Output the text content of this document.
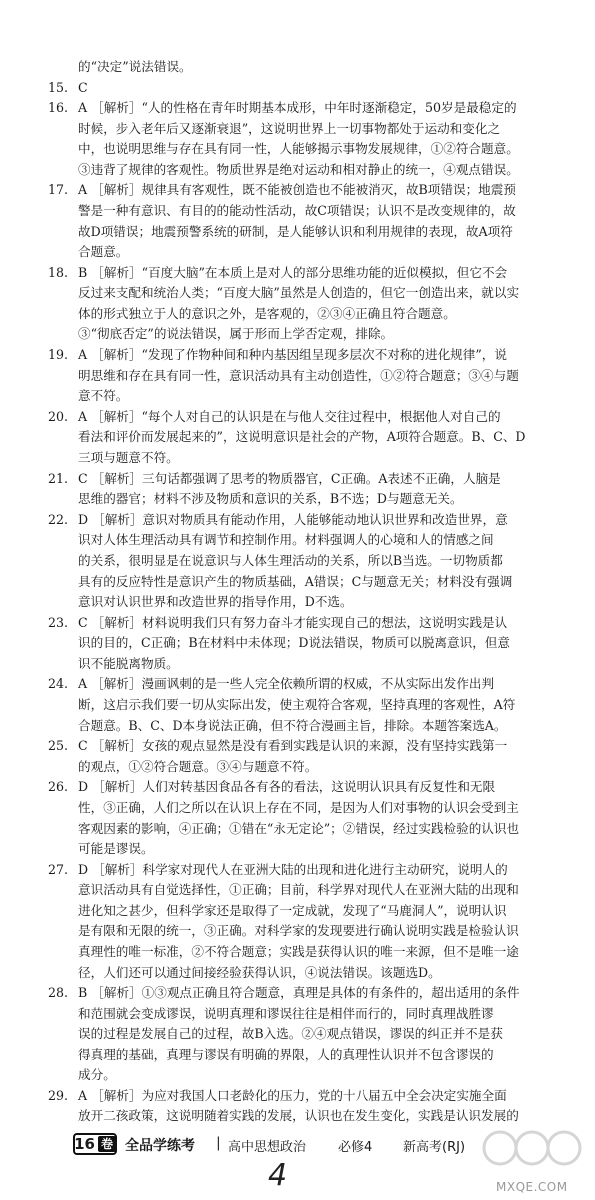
的“决定”说法错误。
15. C
16. A ［解析］“人的性格在青年时期基本成形，中年时逐渐稳定，50岁是最稳定的
时候，步入老年后又逐渐衰退”，这说明世界上一切事物都处于运动和变化之
中，也说明思维与存在具有同一性，人能够揭示事物发展规律，①②符合题意。
③违背了规律的客观性。物质世界是绝对运动和相对静止的统一，④观点错误。
17. A ［解析］规律具有客观性，既不能被创造也不能被消灭，故B项错误；地震预
警是一种有意识、有目的的能动性活动，故C项错误；认识不是改变规律的，故
故D项错误；地震预警系统的研制，是人能够认识和利用规律的表现，故A项符
合题意。
18. B ［解析］“百度大脑”在本质上是对人的部分思维功能的近似模拟，但它不会
反过来支配和统治人类；“百度大脑”虽然是人创造的，但它一创造出来，就以实
体的形式独立于人的意识之外，是客观的，②③④正确且符合题意。
③“彻底否定”的说法错误，属于形而上学否定观，排除。
19. A ［解析］“发现了作物种间和种内基因组呈现多层次不对称的进化规律”，说
明思维和存在具有同一性，意识活动具有主动创造性，①②符合题意；③④与题
意不符。
20. A ［解析］“每个人对自己的认识是在与他人交往过程中，根据他人对自己的
看法和评价而发展起来的”，这说明意识是社会的产物，A项符合题意。B、C、D
三项与题意不符。
21. C ［解析］三句话都强调了思考的物质器官，C正确。A表述不正确，人脑是
思维的器官；材料不涉及物质和意识的关系，B不选；D与题意无关。
22. D ［解析］意识对物质具有能动作用，人能够能动地认识世界和改造世界，意
识对人体生理活动具有调节和控制作用。材料强调人的心境和人的情感之间
的关系，很明显是在说意识与人体生理活动的关系，所以B当选。一切物质都
具有的反应特性是意识产生的物质基础，A错误；C与题意无关；材料没有强调
意识对认识世界和改造世界的指导作用，D不选。
23. C ［解析］材料说明我们只有努力奋斗才能实现自己的想法，这说明实践是认
识的目的，C正确；B在材料中未体现；D说法错误，物质可以脱离意识，但意
识不能脱离物质。
24. A ［解析］漫画讽刺的是一些人完全依赖所谓的权威，不从实际出发作出判
断，这启示我们要一切从实际出发，使主观符合客观，坚持真理的客观性，A符
合题意。B、C、D本身说法正确，但不符合漫画主旨，排除。本题答案选A。
25. C ［解析］女孩的观点显然是没有看到实践是认识的来源，没有坚持实践第一
的观点，①②符合题意。③④与题意不符。
26. D ［解析］人们对转基因食品各有各的看法，这说明认识具有反复性和无限
性，③正确，人们之所以在认识上存在不同，是因为人们对事物的认识会受到主
客观因素的影响，④正确；①错在“永无定论”；②错误，经过实践检验的认识也
可能是谬误。
27. D ［解析］科学家对现代人在亚洲大陆的出现和进化进行主动研究，说明人的
意识活动具有自觉选择性，①正确；目前，科学界对现代人在亚洲大陆的出现和
进化知之甚少，但科学家还是取得了一定成就，发现了“马鹿洞人”，说明认识
是有限和无限的统一，③正确。对科学家的发现要进行确认说明实践是检验认识
真理性的唯一标准，②不符合题意；实践是获得认识的唯一来源，但不是唯一途
径，人们还可以通过间接经验获得认识，④说法错误。该题选D。
28. B ［解析］①③观点正确且符合题意，真理是具体的有条件的，超出适用的条件
和范围就会变成谬误，说明真理和谬误往往是相伴而行的，同时真理战胜谬
误的过程是发展自己的过程，故B入选。②④观点错误，谬误的纠正并不是获
得真理的基础，真理与谬误有明确的界限，人的真理性认识并不包含谬误的
成分。
29. A ［解析］为应对我国人口老龄化的压力，党的十八届五中全会决定实施全面
放开二孩政策，这说明随着实践的发展，认识也在发生变化，实践是认识发展的
16 卷 全品学练考 | 高中思想政治 必修4 新高考(RJ)
4	MXQE.COM
